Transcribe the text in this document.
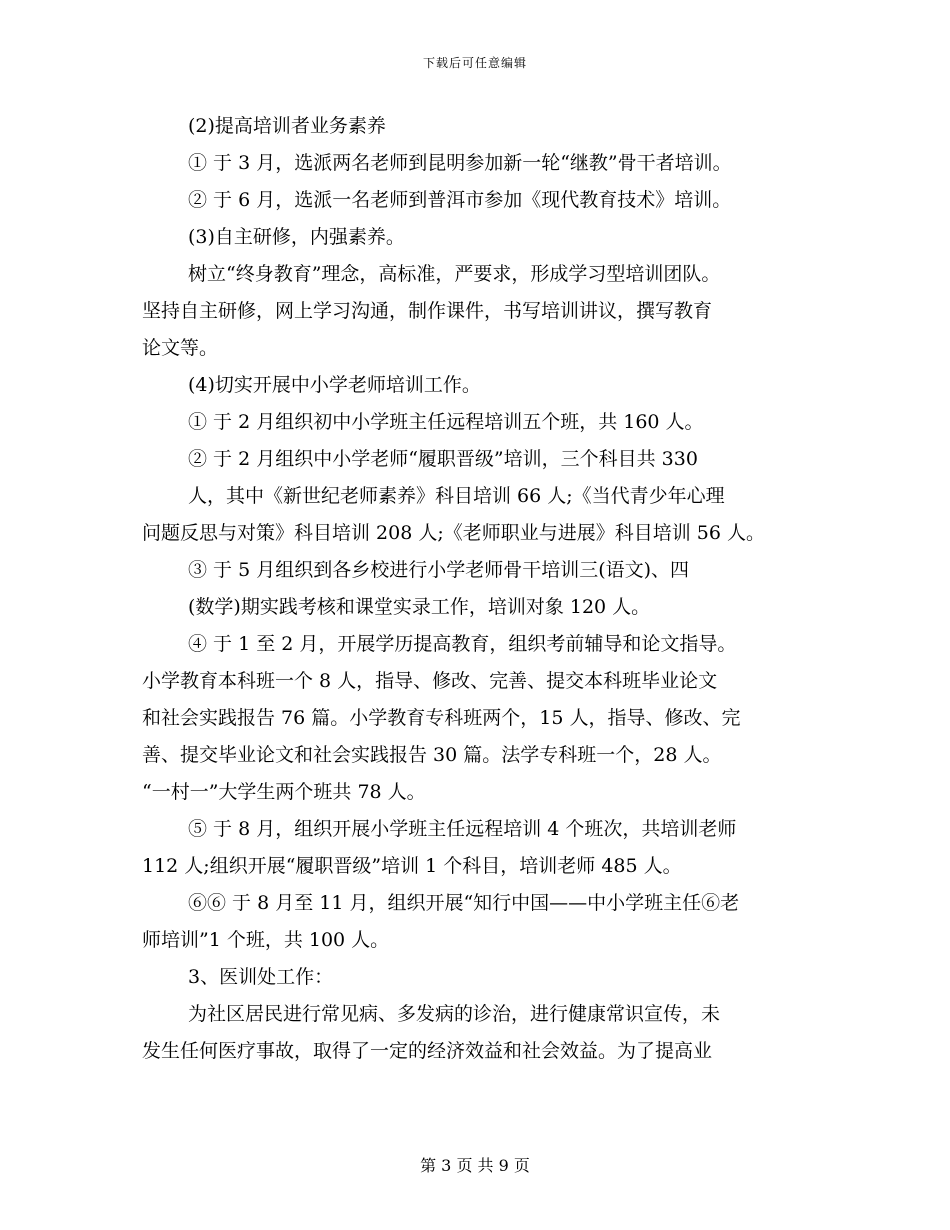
下载后可任意编辑
(2)提高培训者业务素养
① 于 3 月，选派两名老师到昆明参加新一轮“继教”骨干者培训。
② 于 6 月，选派一名老师到普洱市参加《现代教育技术》培训。
(3)自主研修，内强素养。
树立“终身教育”理念，高标准，严要求，形成学习型培训团队。
坚持自主研修，网上学习沟通，制作课件，书写培训讲议，撰写教育
论文等。
(4)切实开展中小学老师培训工作。
① 于 2 月组织初中小学班主任远程培训五个班，共 160 人。
② 于 2 月组织中小学老师“履职晋级”培训，三个科目共 330
人，其中《新世纪老师素养》科目培训 66 人;《当代青少年心理
问题反思与对策》科目培训 208 人;《老师职业与进展》科目培训 56 人。
③ 于 5 月组织到各乡校进行小学老师骨干培训三(语文)、四
(数学)期实践考核和课堂实录工作，培训对象 120 人。
④ 于 1 至 2 月，开展学历提高教育，组织考前辅导和论文指导。
小学教育本科班一个 8 人，指导、修改、完善、提交本科班毕业论文
和社会实践报告 76 篇。小学教育专科班两个，15 人，指导、修改、完
善、提交毕业论文和社会实践报告 30 篇。法学专科班一个，28 人。
“一村一”大学生两个班共 78 人。
⑤ 于 8 月，组织开展小学班主任远程培训 4 个班次，共培训老师
112 人;组织开展“履职晋级”培训 1 个科目，培训老师 485 人。
⑥⑥ 于 8 月至 11 月，组织开展“知行中国——中小学班主任⑥老
师培训”1 个班，共 100 人。
3、医训处工作：
为社区居民进行常见病、多发病的诊治，进行健康常识宣传，未
发生任何医疗事故，取得了一定的经济效益和社会效益。为了提高业
第 3 页 共 9 页
